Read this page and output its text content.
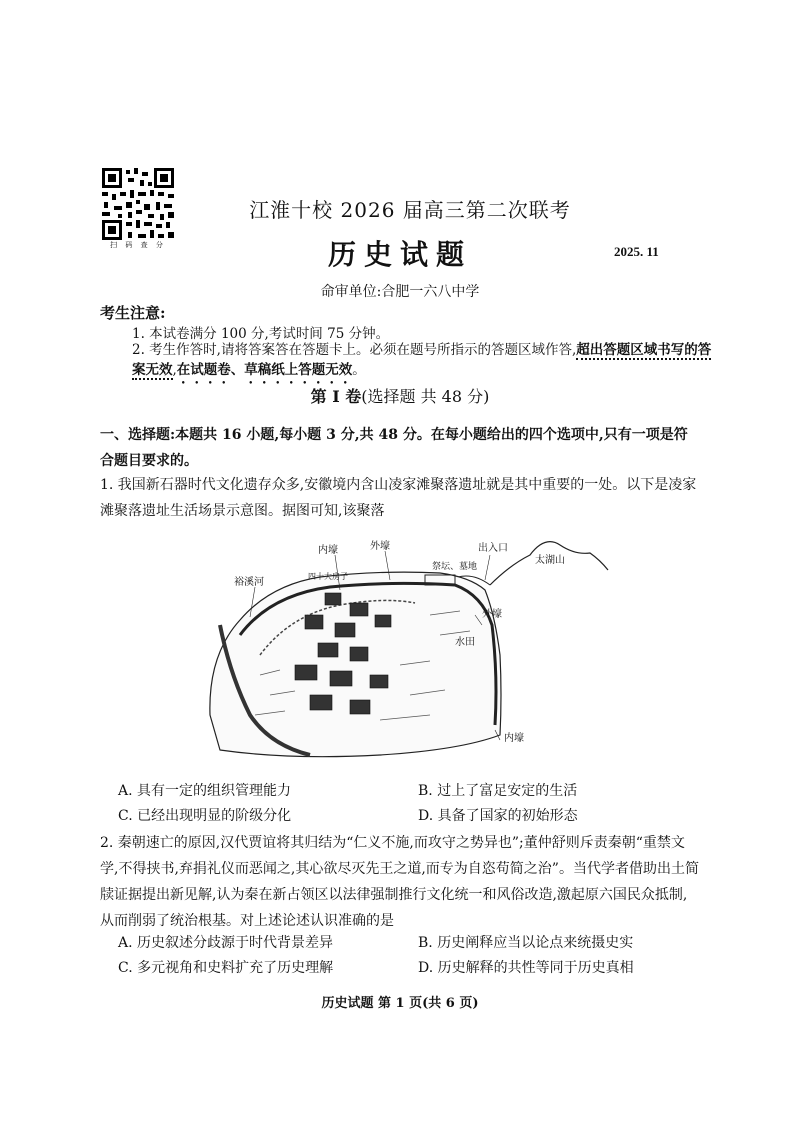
扫 码 查 分
江淮十校 2026 届高三第二次联考
历史试题	2025. 11
命审单位:合肥一六八中学
考生注意:
1. 本试卷满分 100 分,考试时间 75 分钟。
2. 考生作答时,请将答案答在答题卡上。必须在题号所指示的答题区域作答,超出答题区域书写的答案无效,在试题卷、草稿纸上答题无效。
第 I 卷(选择题 共 48 分)
一、选择题:本题共 16 小题,每小题 3 分,共 48 分。在每小题给出的四个选项中,只有一项是符合题目要求的。
1. 我国新石器时代文化遗存众多,安徽境内含山凌家滩聚落遗址就是其中重要的一处。以下是凌家滩聚落遗址生活场景示意图。据图可知,该聚落
内壕	外壕	出入口
太湖山
裕溪河
祭坛、墓地
四十大房子
外壕
水田
内壕
A. 具有一定的组织管理能力	B. 过上了富足安定的生活
C. 已经出现明显的阶级分化	D. 具备了国家的初始形态
2. 秦朝速亡的原因,汉代贾谊将其归结为“仁义不施,而攻守之势异也”;董仲舒则斥责秦朝“重禁文学,不得挟书,弃捐礼仪而恶闻之,其心欲尽灭先王之道,而专为自恣苟简之治”。当代学者借助出土简牍证据提出新见解,认为秦在新占领区以法律强制推行文化统一和风俗改造,激起原六国民众抵制,从而削弱了统治根基。对上述论述认识准确的是
A. 历史叙述分歧源于时代背景差异	B. 历史阐释应当以论点来统摄史实
C. 多元视角和史料扩充了历史理解	D. 历史解释的共性等同于历史真相
历史试题 第 1 页(共 6 页)
